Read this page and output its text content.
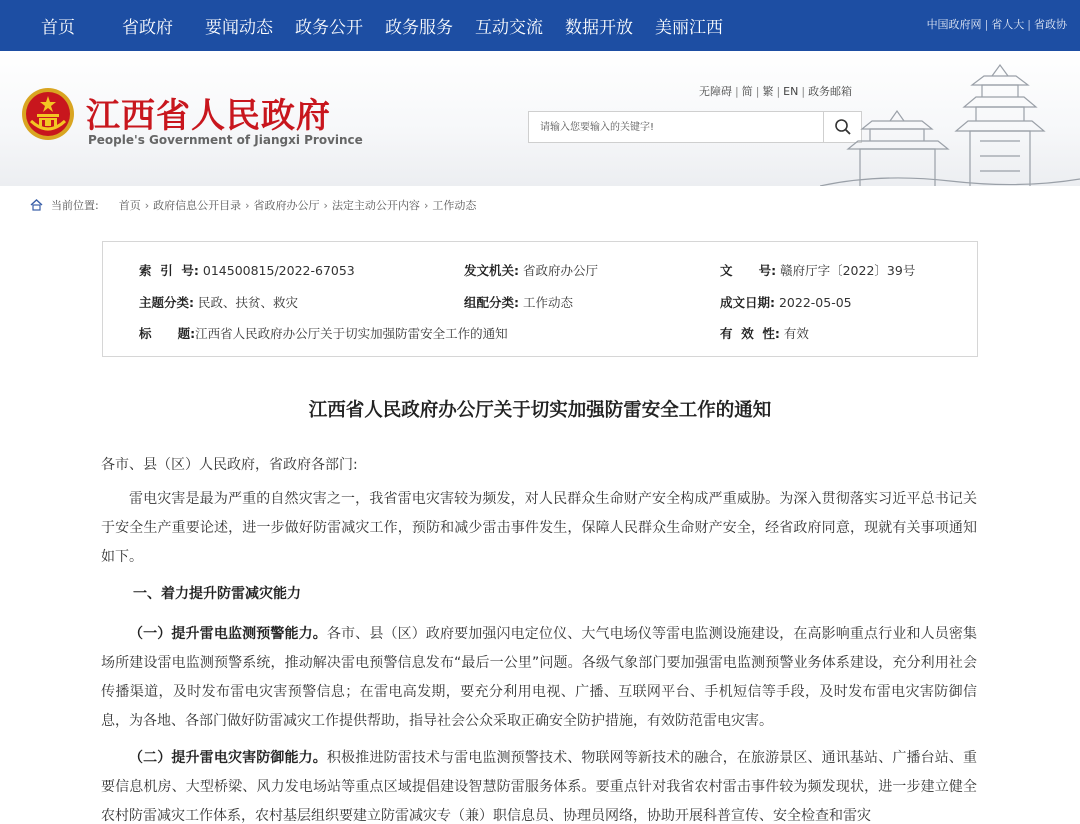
首页	省政府 要闻动态 政务公开 政务服务 互动交流 数据开放 美丽江西	中国政府网 | 省人大 | 省政协
江西省人民政府
People's Government of Jiangxi Province
无障碍 | 简 | 繁 | EN | 政务邮箱
请输入您要输入的关键字!
当前位置: 首页 › 政府信息公开目录 › 省政府办公厅 › 法定主动公开内容 › 工作动态
索  引  号: 014500815/2022-67053	发文机关: 省政府办公厅	文      号: 赣府厅字〔2022〕39号
主题分类: 民政、扶贫、救灾	组配分类: 工作动态	成文日期: 2022-05-05
标      题:江西省人民政府办公厅关于切实加强防雷安全工作的通知	有  效  性: 有效
江西省人民政府办公厅关于切实加强防雷安全工作的通知
各市、县（区）人民政府，省政府各部门:
雷电灾害是最为严重的自然灾害之一，我省雷电灾害较为频发，对人民群众生命财产安全构成严重威胁。为深入贯彻落实习近平总书记关于安全生产重要论述，进一步做好防雷减灾工作，预防和减少雷击事件发生，保障人民群众生命财产安全，经省政府同意，现就有关事项通知如下。
一、着力提升防雷减灾能力
（一）提升雷电监测预警能力。各市、县（区）政府要加强闪电定位仪、大气电场仪等雷电监测设施建设，在高影响重点行业和人员密集场所建设雷电监测预警系统，推动解决雷电预警信息发布“最后一公里”问题。各级气象部门要加强雷电监测预警业务体系建设，充分利用社会传播渠道，及时发布雷电灾害预警信息；在雷电高发期，要充分利用电视、广播、互联网平台、手机短信等手段，及时发布雷电灾害防御信息，为各地、各部门做好防雷减灾工作提供帮助，指导社会公众采取正确安全防护措施，有效防范雷电灾害。
（二）提升雷电灾害防御能力。积极推进防雷技术与雷电监测预警技术、物联网等新技术的融合，在旅游景区、通讯基站、广播台站、重要信息机房、大型桥梁、风力发电场站等重点区域提倡建设智慧防雷服务体系。要重点针对我省农村雷击事件较为频发现状，进一步建立健全农村防雷减灾工作体系，农村基层组织要建立防雷减灾专（兼）职信息员、协理员网络，协助开展科普宣传、安全检查和雷灾
